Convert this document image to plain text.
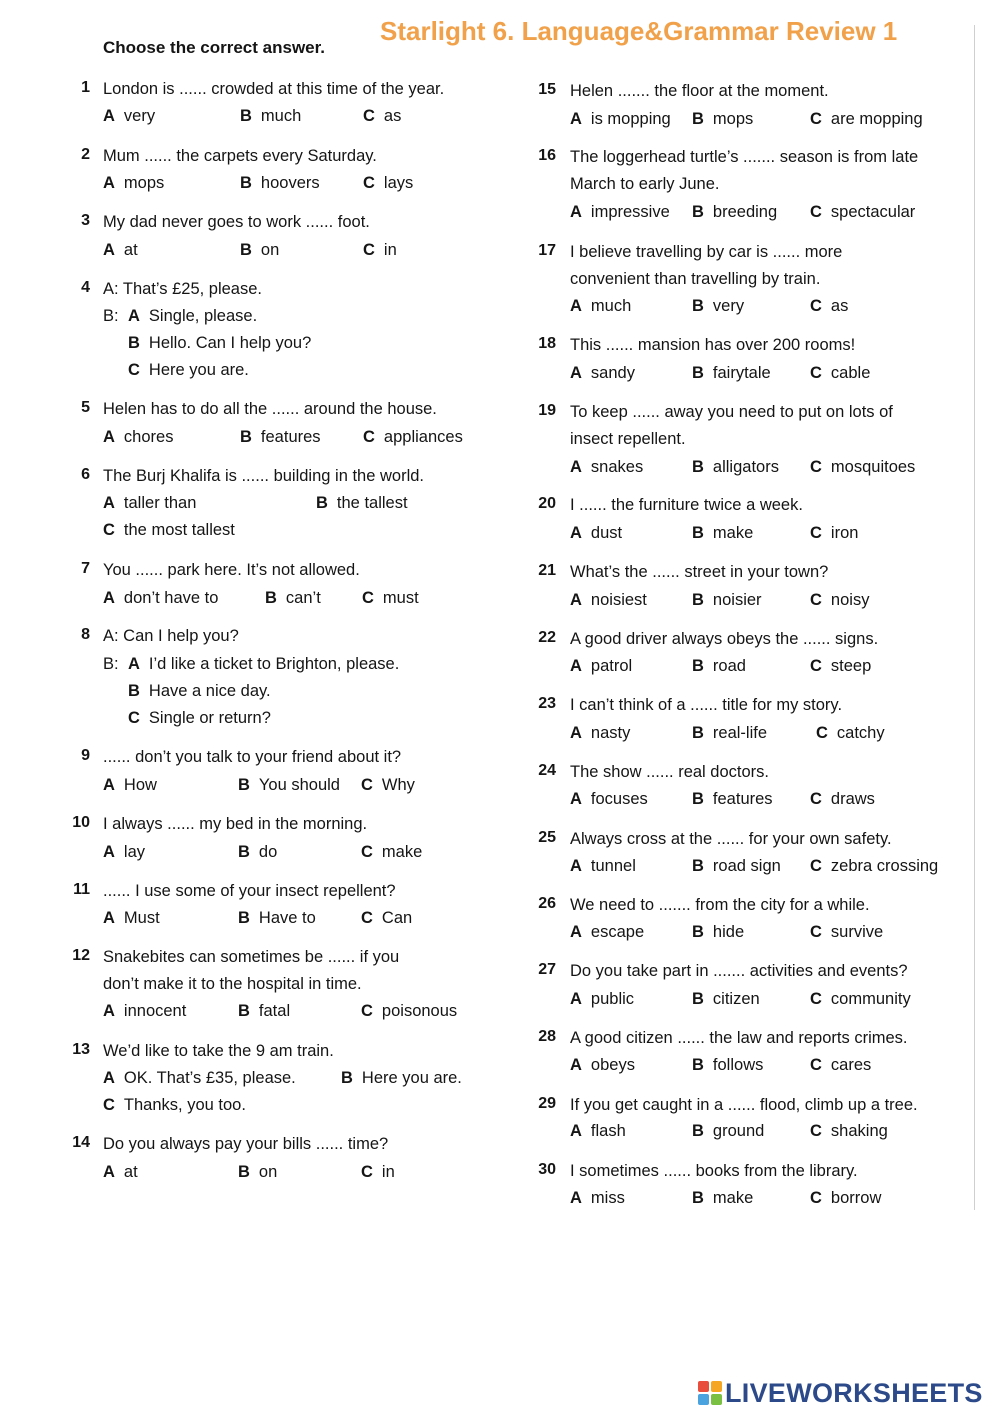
Choose the correct answer.
Starlight 6. Language&Grammar Review 1
1 London is ...... crowded at this time of the year.
A very	B much	C as
2 Mum ...... the carpets every Saturday.
A mops	B hoovers	C lays
3 My dad never goes to work ...... foot.
A at	B on	C in
4 A: That’s £25, please.
B: A Single, please.
B Hello. Can I help you?
C Here you are.
5 Helen has to do all the ...... around the house.
A chores	B features	C appliances
6 The Burj Khalifa is ...... building in the world.
A taller than	B the tallest
C the most tallest
7 You ...... park here. It’s not allowed.
A don’t have to	B can’t C must
8 A: Can I help you?
B: A I’d like a ticket to Brighton, please.
B Have a nice day.
C Single or return?
9 ...... don’t you talk to your friend about it?
A How	B You should C Why
10 I always ...... my bed in the morning.
A lay	B do	C make
11 ...... I use some of your insect repellent?
A Must	B Have to	C Can
12 Snakebites can sometimes be ...... if you
don’t make it to the hospital in time.
A innocent	B fatal	C poisonous
13 We’d like to take the 9 am train.
A OK. That’s £35, please.	B Here you are.
C Thanks, you too.
14 Do you always pay your bills ...... time?
A at	B on	C in
15 Helen ....... the floor at the moment.
A is mopping B mops	C are mopping
16 The loggerhead turtle’s ....... season is from late
March to early June.
A impressive B breeding C spectacular
17 I believe travelling by car is ...... more
convenient than travelling by train.
A much	B very	C as
18 This ...... mansion has over 200 rooms!
A sandy	B fairytale C cable
19 To keep ...... away you need to put on lots of
insect repellent.
A snakes	B alligators C mosquitoes
20 I ...... the furniture twice a week.
A dust	B make	C iron
21 What’s the ...... street in your town?
A noisiest	B noisier	C noisy
22 A good driver always obeys the ...... signs.
A patrol	B road	C steep
23 I can’t think of a ...... title for my story.
A nasty	B real-life	C catchy
24 The show ...... real doctors.
A focuses	B features C draws
25 Always cross at the ...... for your own safety.
A tunnel	B road sign C zebra crossing
26 We need to ....... from the city for a while.
A escape	B hide	C survive
27 Do you take part in ....... activities and events?
A public	B citizen	C community
28 A good citizen ...... the law and reports crimes.
A obeys	B follows	C cares
29 If you get caught in a ...... flood, climb up a tree.
A flash	B ground	C shaking
30 I sometimes ...... books from the library.
A miss	B make	C borrow
LIVEWORKSHEETS
